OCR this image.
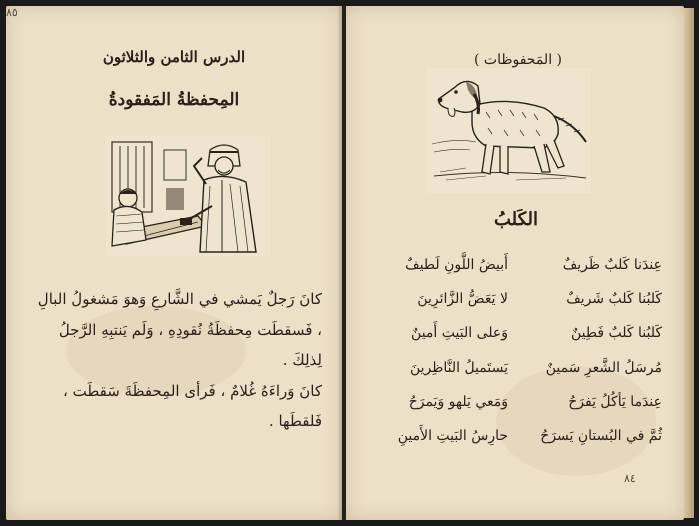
الدرس الثامن والثلاثون
المِحفظةُ المَفقودةُ

كانَ رَجلٌ يَمشي في الشَّارعِ وَهوَ مَشغولُ البالِ ، فَسقطَت مِحفظَةُ نُقودِهِ ، وَلَم يَنتبِهِ الرَّجلُ لِذلِكَ .

كانَ وَراءَهُ غُلامٌ ، فَرأى المِحفظَةَ سَقطَت ، فَلقطَها .

٨٥
( المَحفوظات )
الكَلبُ
عِندَنا كَلبٌ ظَريفٌ
أَبيضُ اللَّونِ لَطيفٌ
كَلبُنا كَلبٌ شَريفٌ
لا يَعَضُّ الزَّائرِينَ
كَلبُنا كَلبٌ فَطِينٌ
وَعلى البَيتِ أَمينٌ
مُرسَلُ الشَّعرِ سَمينٌ
يَستَميلُ النَّاظِرينَ
عِندَما يَأكُلُ يَفرَحُ
وَمَعي يَلهو وَيَمرَحُ
ثُمَّ في البُستانِ يَسرَحُ
حارِسُ البَيتِ الأَمينِ
٨٤
